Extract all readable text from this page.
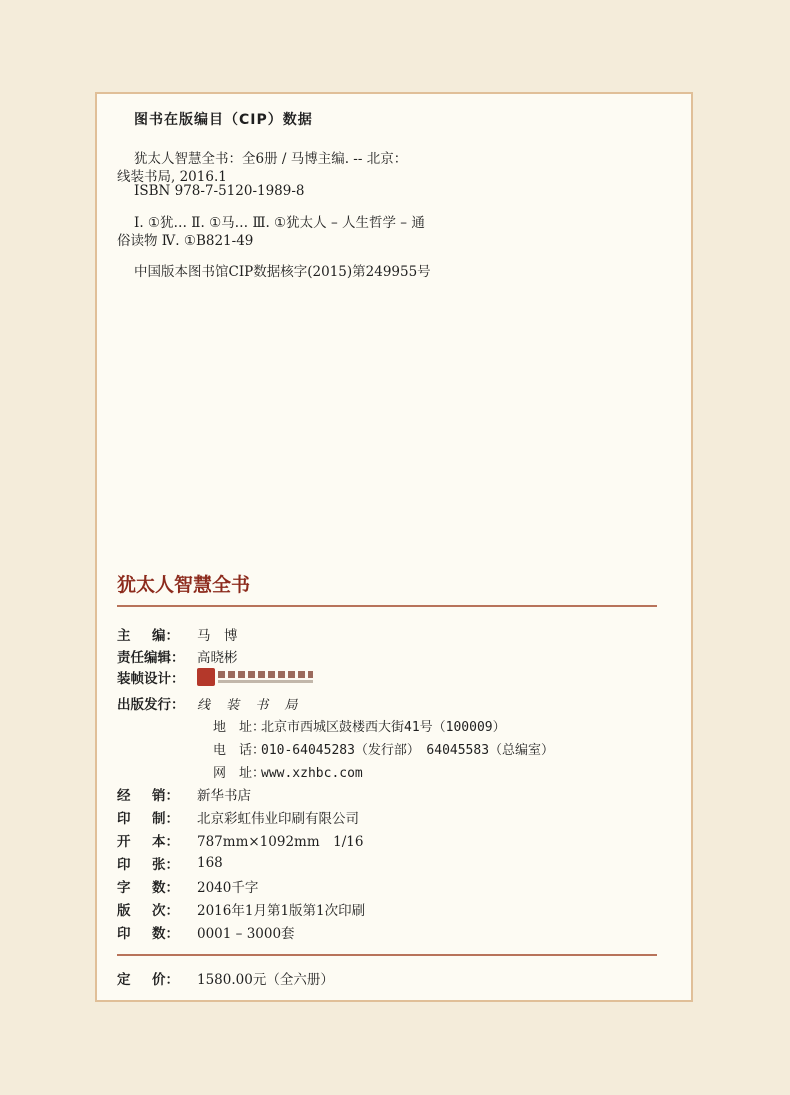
图书在版编目（CIP）数据
犹太人智慧全书：全6册 / 马博主编. -- 北京：
线装书局, 2016.1
ISBN 978-7-5120-1989-8
Ⅰ. ①犹… Ⅱ. ①马… Ⅲ. ①犹太人 – 人生哲学 – 通
俗读物 Ⅳ. ①B821-49
中国版本图书馆CIP数据核字(2015)第249955号
犹太人智慧全书
主 编： 马　博
责任编辑： 高晓彬
装帧设计：
出版发行： 线 装 书 局
地　址：北京市西城区鼓楼西大街41号（100009）
电　话：010-64045283（发行部）　64045583（总编室）
网　址：www.xzhbc.com
经 销： 新华书店
印 制： 北京彩虹伟业印刷有限公司
开 本： 787mm×1092mm　1/16
印 张： 168
字 数： 2040千字
版 次： 2016年1月第1版第1次印刷
印 数： 0001 – 3000套
定 价： 1580.00元（全六册）
